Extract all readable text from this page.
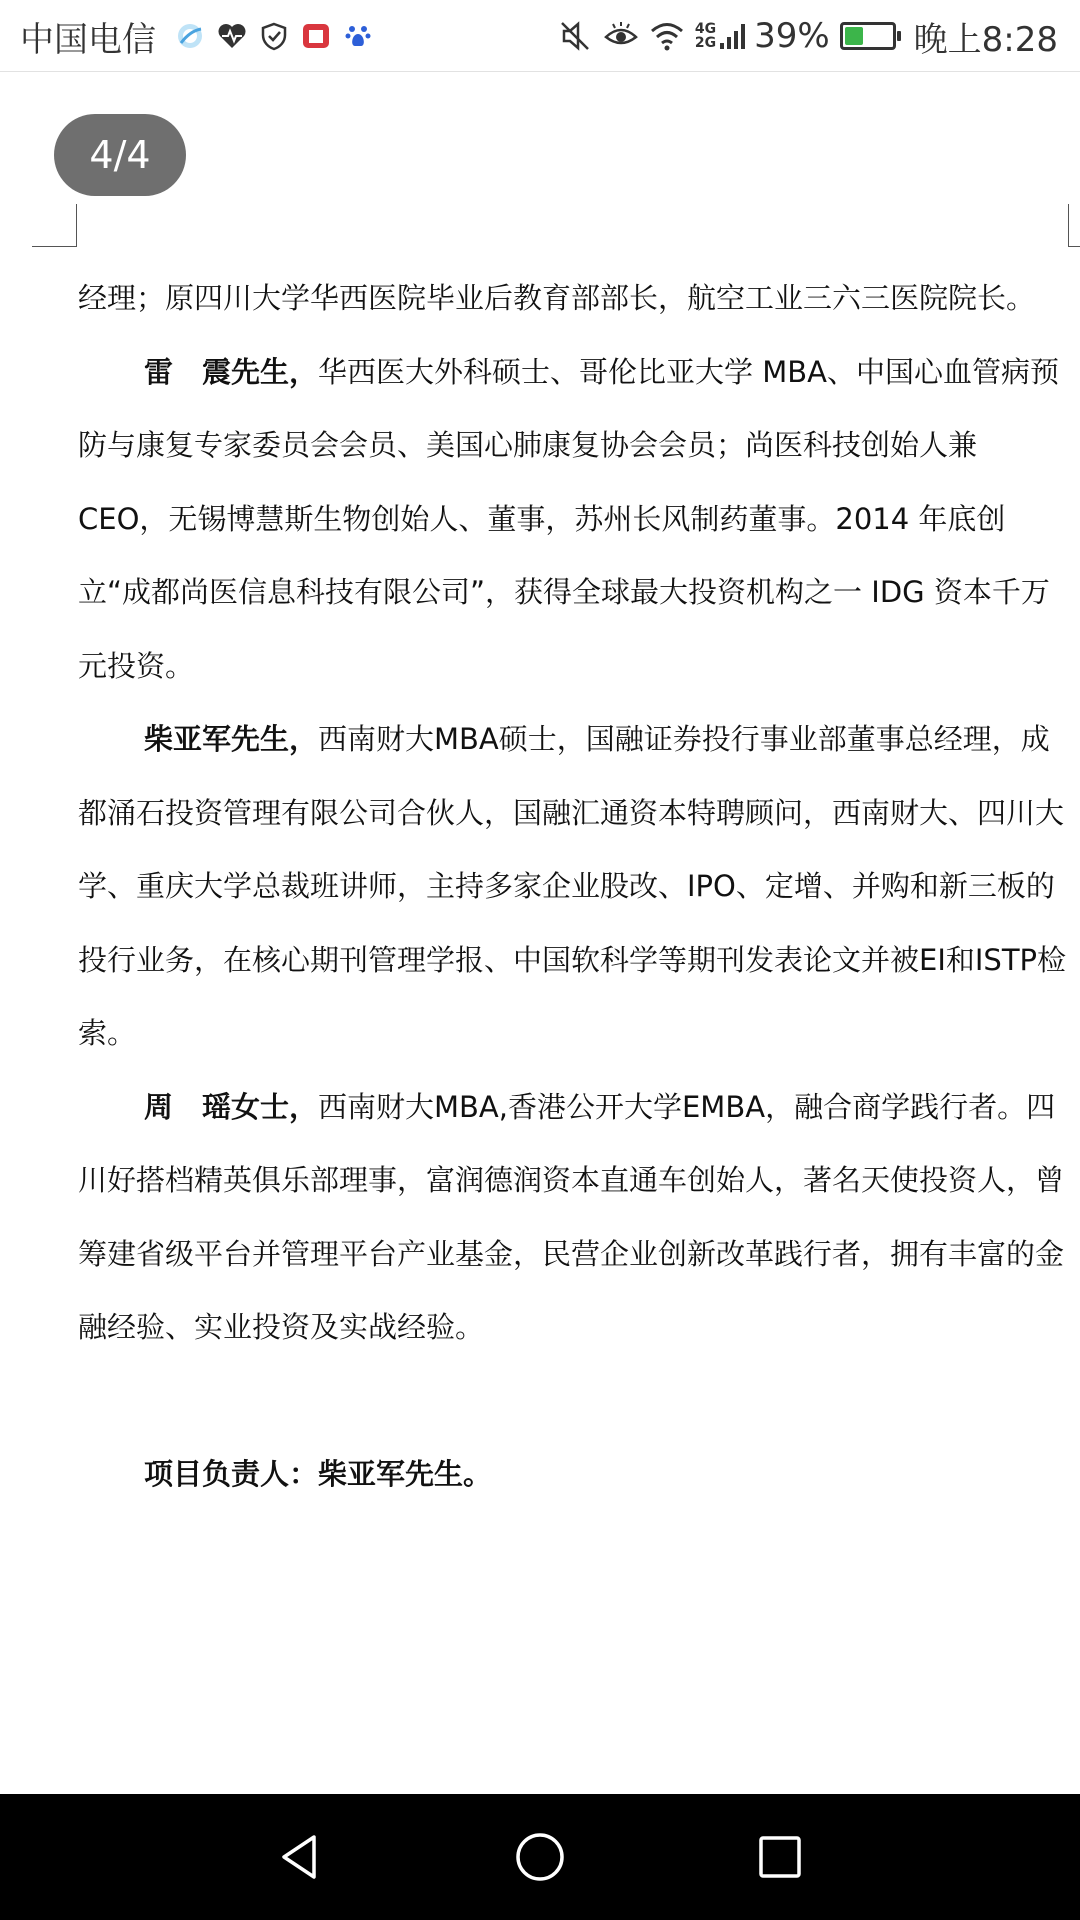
中国电信	4G
2G 39% 晚上8:28
4/4

经理；原四川大学华西医院毕业后教育部部长，航空工业三六三医院院长。

雷　震先生，华西医大外科硕士、哥伦比亚大学 MBA、中国心血管病预防与康复专家委员会会员、美国心肺康复协会会员；尚医科技创始人兼 CEO，无锡博慧斯生物创始人、董事，苏州长风制药董事。2014 年底创立“成都尚医信息科技有限公司”，获得全球最大投资机构之一 IDG 资本千万元投资。

柴亚军先生，西南财大MBA硕士，国融证券投行事业部董事总经理，成都涌石投资管理有限公司合伙人，国融汇通资本特聘顾问，西南财大、四川大学、重庆大学总裁班讲师，主持多家企业股改、IPO、定增、并购和新三板的投行业务，在核心期刊管理学报、中国软科学等期刊发表论文并被EI和ISTP检索。

周　瑶女士，西南财大MBA,香港公开大学EMBA，融合商学践行者。四川好搭档精英俱乐部理事，富润德润资本直通车创始人，著名天使投资人，曾筹建省级平台并管理平台产业基金，民营企业创新改革践行者，拥有丰富的金融经验、实业投资及实战经验。

项目负责人：柴亚军先生。
